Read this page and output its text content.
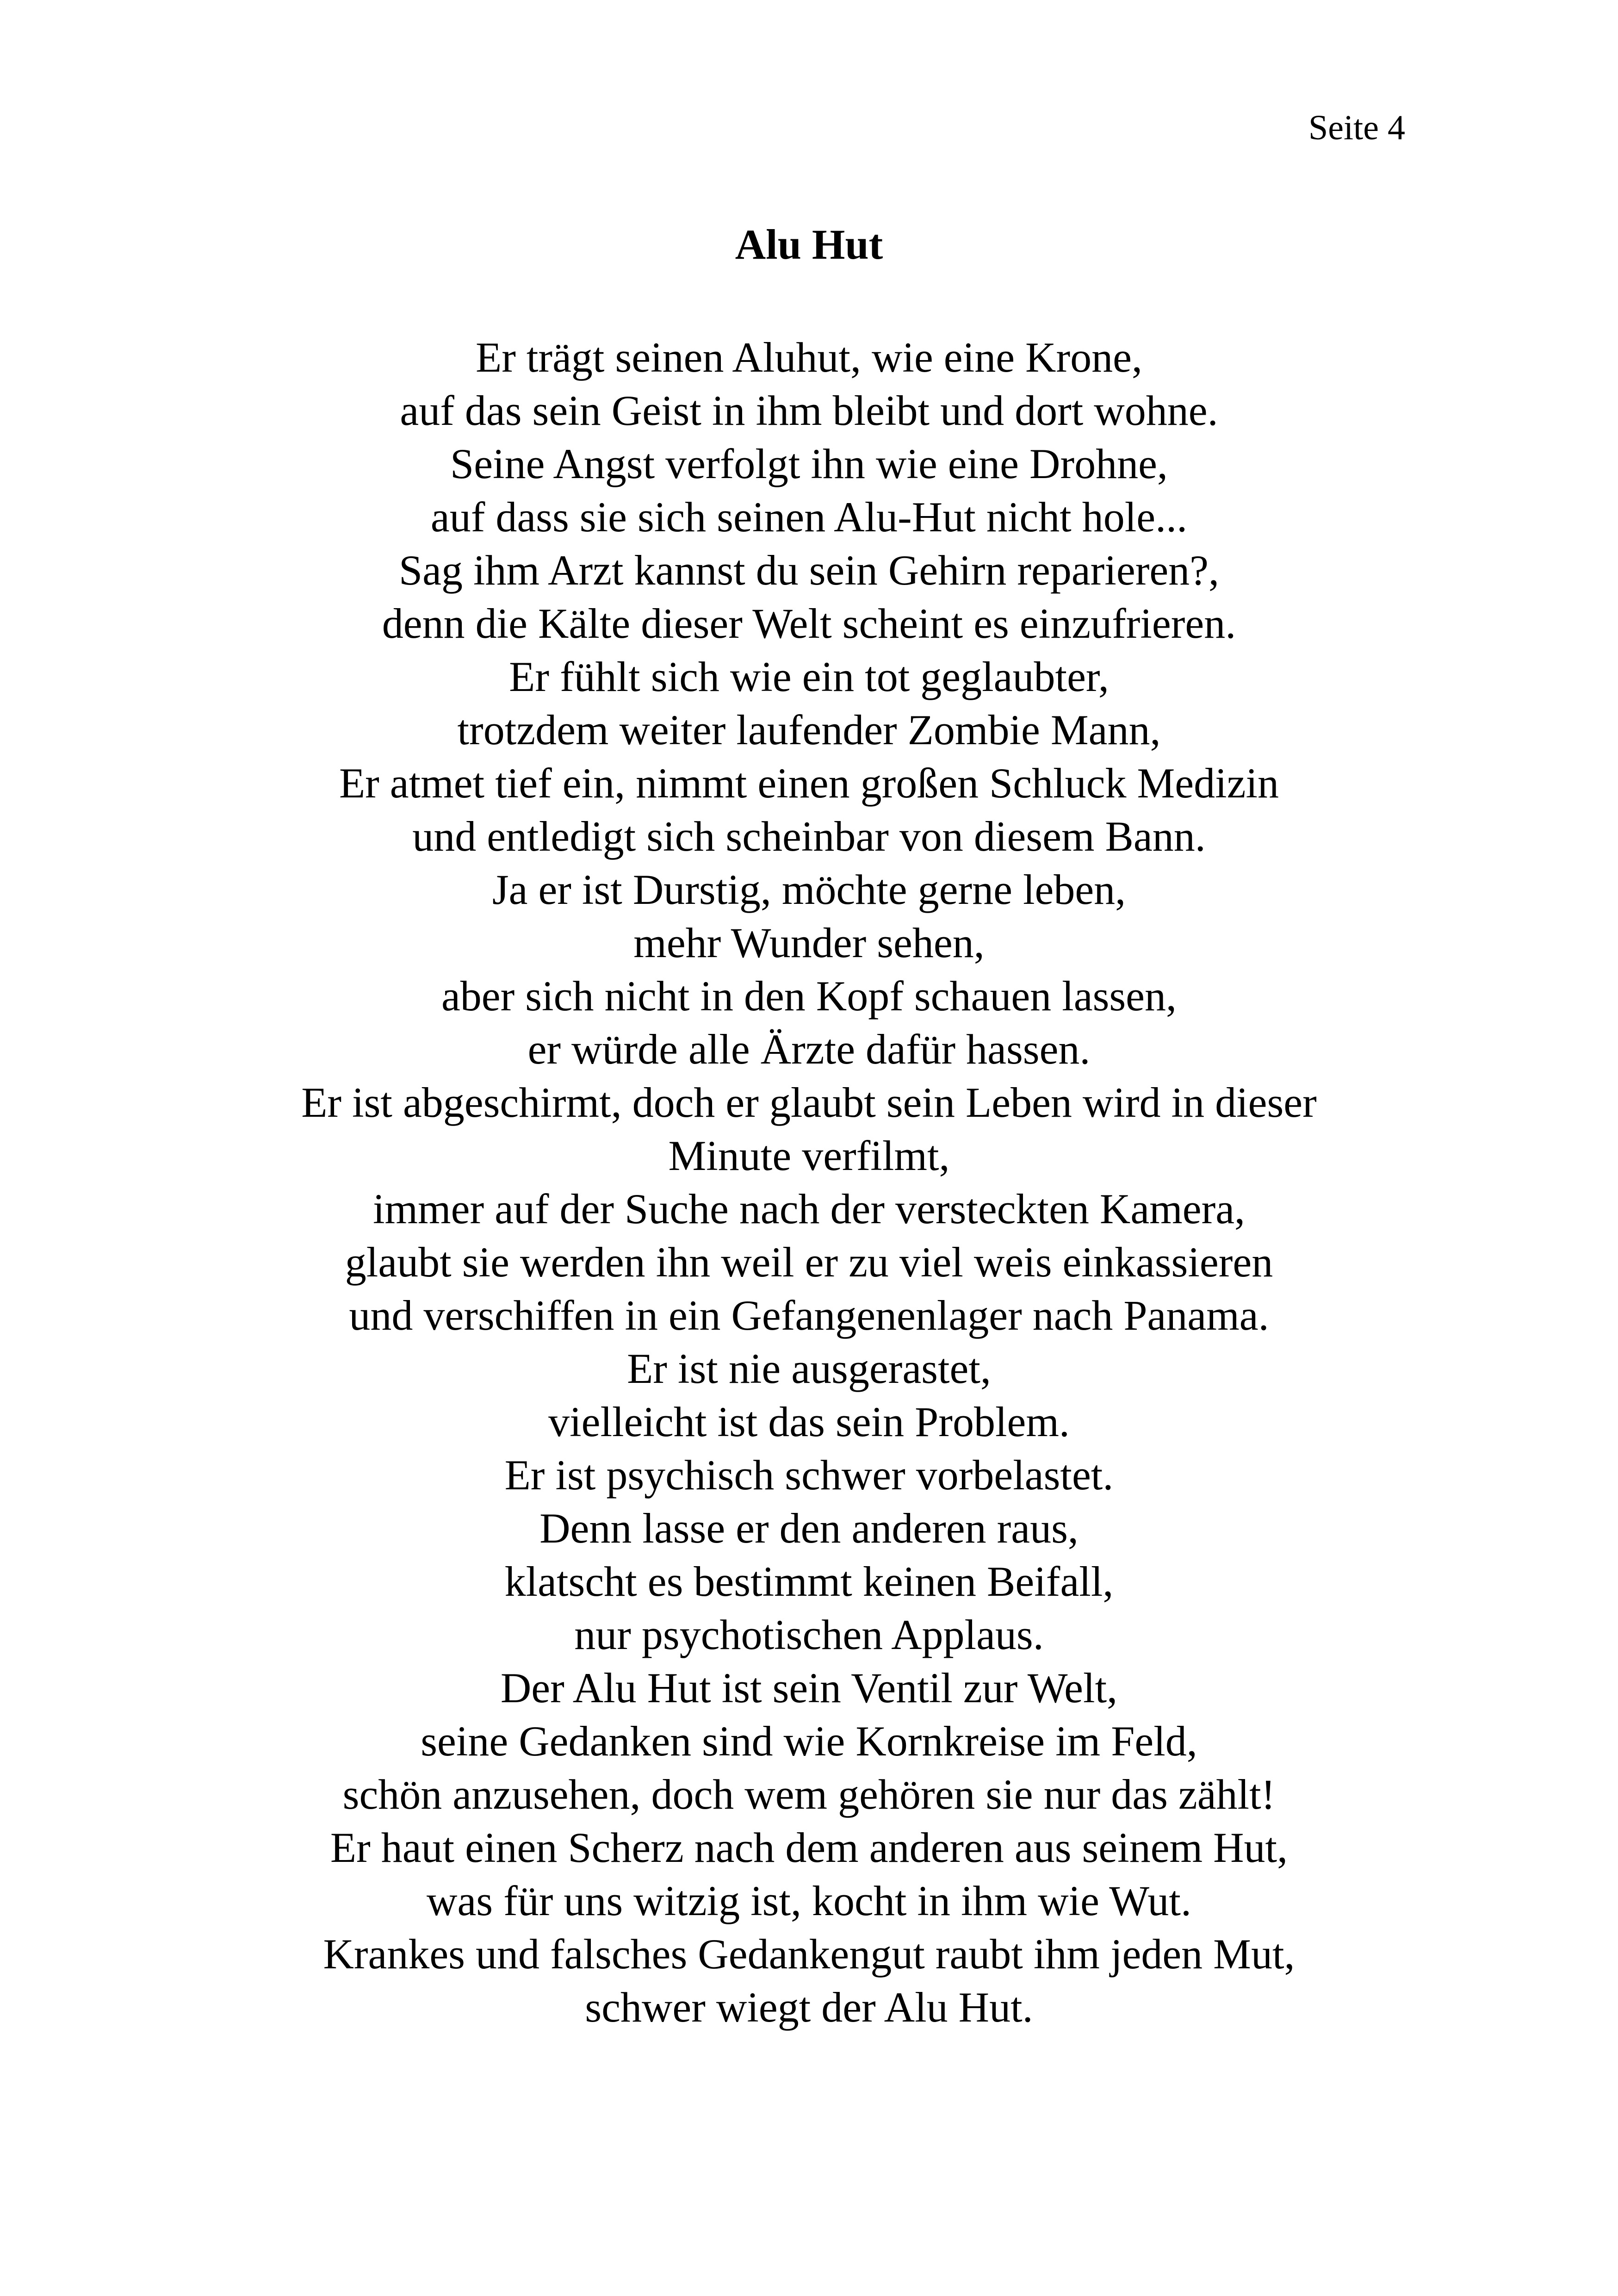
Seite 4
Alu Hut
Er trägt seinen Aluhut, wie eine Krone,
auf das sein Geist in ihm bleibt und dort wohne.
Seine Angst verfolgt ihn wie eine Drohne,
auf dass sie sich seinen Alu-Hut nicht hole...
Sag ihm Arzt kannst du sein Gehirn reparieren?,
denn die Kälte dieser Welt scheint es einzufrieren.
Er fühlt sich wie ein tot geglaubter,
trotzdem weiter laufender Zombie Mann,
Er atmet tief ein, nimmt einen großen Schluck Medizin
und entledigt sich scheinbar von diesem Bann.
Ja er ist Durstig, möchte gerne leben,
mehr Wunder sehen,
aber sich nicht in den Kopf schauen lassen,
er würde alle Ärzte dafür hassen.
Er ist abgeschirmt, doch er glaubt sein Leben wird in dieser
Minute verfilmt,
immer auf der Suche nach der versteckten Kamera,
glaubt sie werden ihn weil er zu viel weis einkassieren
und verschiffen in ein Gefangenenlager nach Panama.
Er ist nie ausgerastet,
vielleicht ist das sein Problem.
Er ist psychisch schwer vorbelastet.
Denn lasse er den anderen raus,
klatscht es bestimmt keinen Beifall,
nur psychotischen Applaus.
Der Alu Hut ist sein Ventil zur Welt,
seine Gedanken sind wie Kornkreise im Feld,
schön anzusehen, doch wem gehören sie nur das zählt!
Er haut einen Scherz nach dem anderen aus seinem Hut,
was für uns witzig ist, kocht in ihm wie Wut.
Krankes und falsches Gedankengut raubt ihm jeden Mut,
schwer wiegt der Alu Hut.
